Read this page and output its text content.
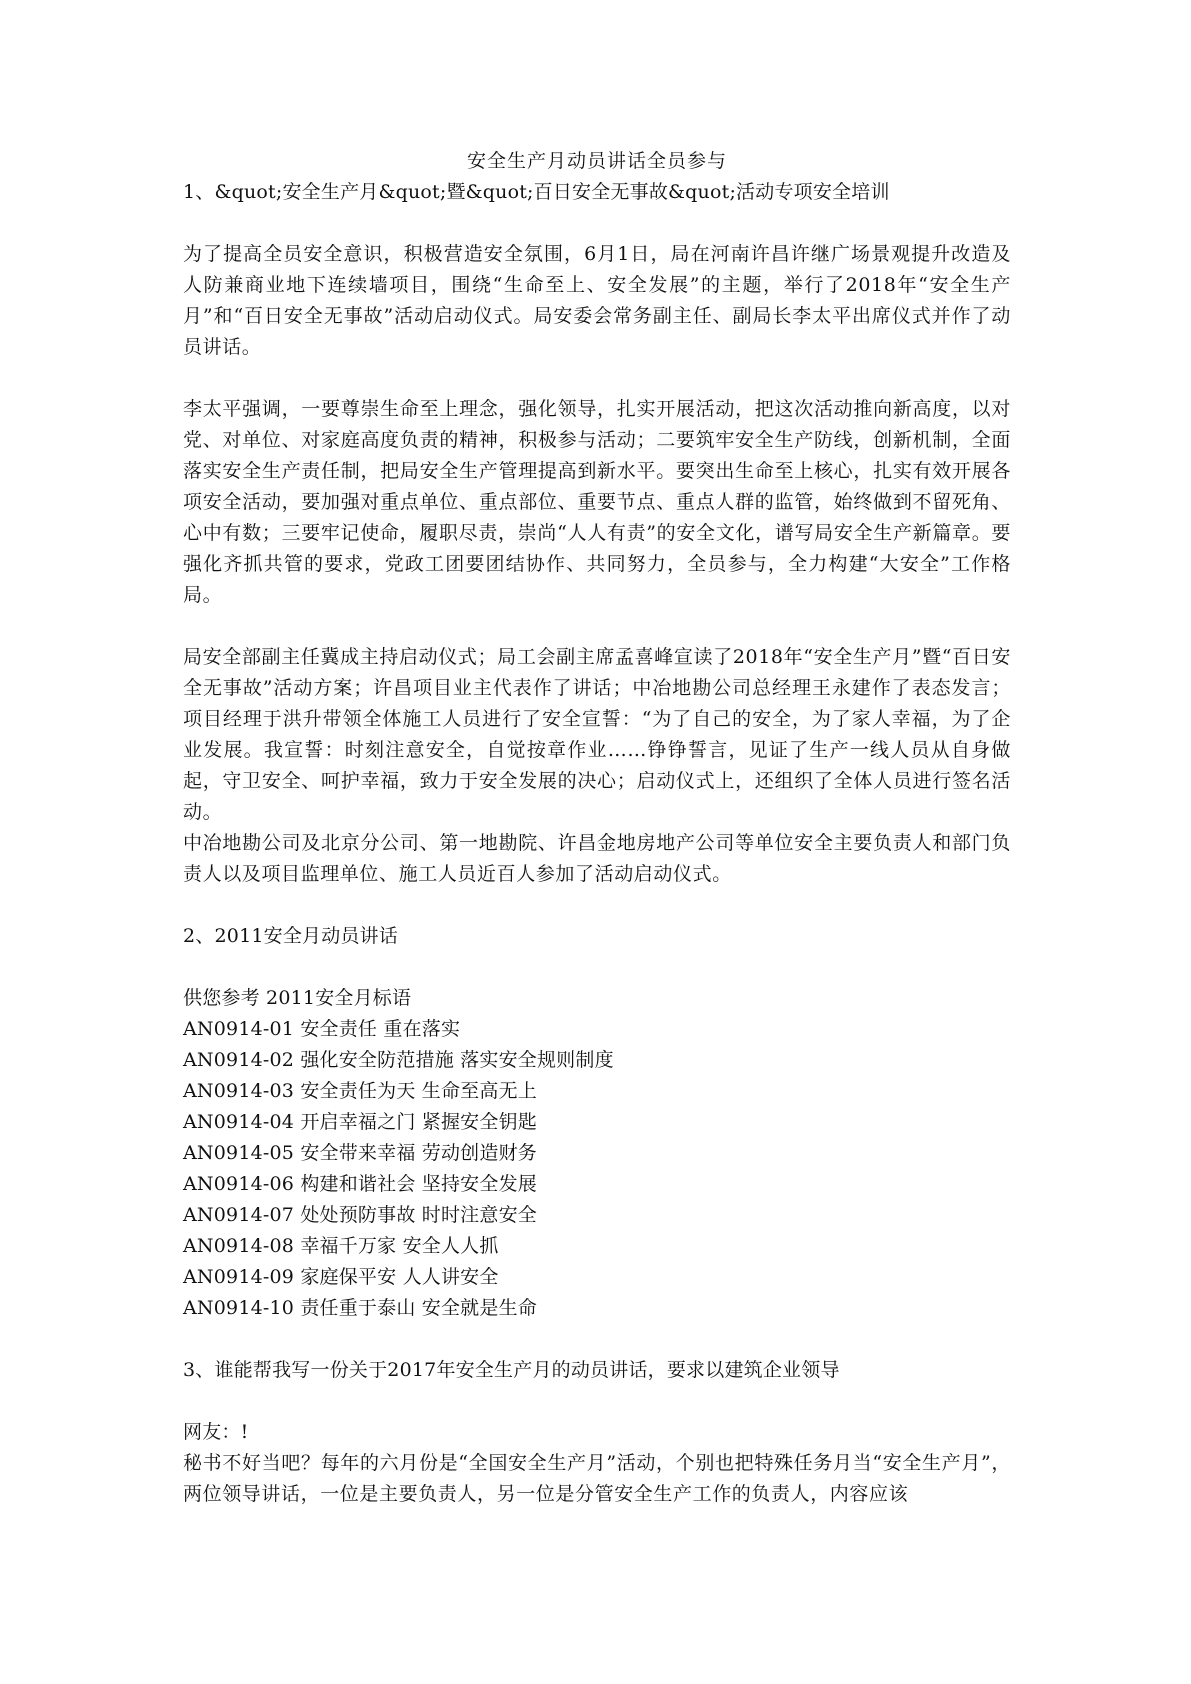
安全生产月动员讲话全员参与
1、&quot;安全生产月&quot;暨&quot;百日安全无事故&quot;活动专项安全培训
为了提高全员安全意识，积极营造安全氛围，6月1日，局在河南许昌许继广场景观提升改造及人防兼商业地下连续墙项目，围绕“生命至上、安全发展”的主题，举行了2018年“安全生产月”和“百日安全无事故”活动启动仪式。局安委会常务副主任、副局长李太平出席仪式并作了动员讲话。
李太平强调，一要尊崇生命至上理念，强化领导，扎实开展活动，把这次活动推向新高度，以对党、对单位、对家庭高度负责的精神，积极参与活动；二要筑牢安全生产防线，创新机制，全面落实安全生产责任制，把局安全生产管理提高到新水平。要突出生命至上核心，扎实有效开展各项安全活动，要加强对重点单位、重点部位、重要节点、重点人群的监管，始终做到不留死角、心中有数；三要牢记使命，履职尽责，崇尚“人人有责”的安全文化，谱写局安全生产新篇章。要强化齐抓共管的要求，党政工团要团结协作、共同努力，全员参与，全力构建“大安全”工作格局。
局安全部副主任冀成主持启动仪式；局工会副主席孟喜峰宣读了2018年“安全生产月”暨“百日安全无事故”活动方案；许昌项目业主代表作了讲话；中冶地勘公司总经理王永建作了表态发言；项目经理于洪升带领全体施工人员进行了安全宣誓：“为了自己的安全，为了家人幸福，为了企业发展。我宣誓：时刻注意安全，自觉按章作业……铮铮誓言，见证了生产一线人员从自身做起，守卫安全、呵护幸福，致力于安全发展的决心；启动仪式上，还组织了全体人员进行签名活动。
中冶地勘公司及北京分公司、第一地勘院、许昌金地房地产公司等单位安全主要负责人和部门负责人以及项目监理单位、施工人员近百人参加了活动启动仪式。
2、2011安全月动员讲话
供您参考 2011安全月标语
AN0914-01 安全责任 重在落实
AN0914-02 强化安全防范措施 落实安全规则制度
AN0914-03 安全责任为天 生命至高无上
AN0914-04 开启幸福之门 紧握安全钥匙
AN0914-05 安全带来幸福 劳动创造财务
AN0914-06 构建和谐社会 坚持安全发展
AN0914-07 处处预防事故 时时注意安全
AN0914-08 幸福千万家 安全人人抓
AN0914-09 家庭保平安 人人讲安全
AN0914-10 责任重于泰山 安全就是生命
3、谁能帮我写一份关于2017年安全生产月的动员讲话，要求以建筑企业领导
网友：!
秘书不好当吧？每年的六月份是“全国安全生产月”活动，个别也把特殊任务月当“安全生产月”，两位领导讲话，一位是主要负责人，另一位是分管安全生产工作的负责人，内容应该
